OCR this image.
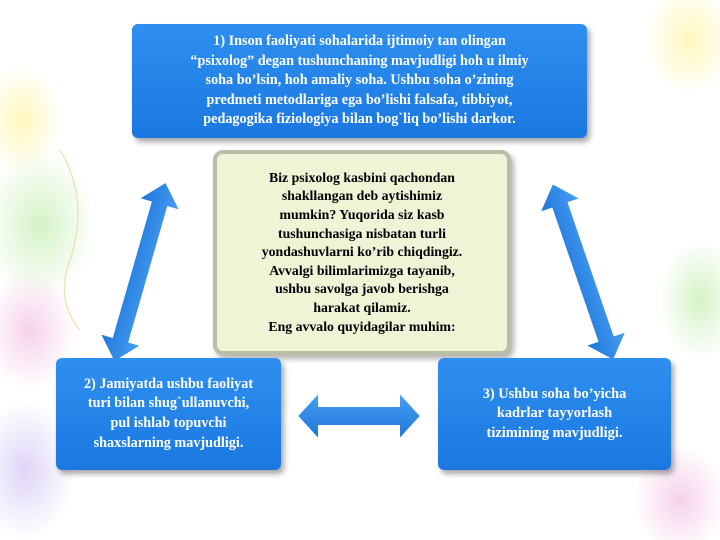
1) Inson faoliyati sohalarida ijtimoiy tan olingan
“psixolog” degan tushunchaning mavjudligi hoh u ilmiy
soha bo’lsin, hoh amaliy soha. Ushbu soha o’zining
predmeti metodlariga ega bo’lishi falsafa, tibbiyot,
pedagogika fiziologiya bilan bog`liq bo’lishi darkor.
Biz psixolog kasbini qachondan
shakllangan deb aytishimiz
mumkin? Yuqorida siz kasb
tushunchasiga nisbatan turli
yondashuvlarni ko’rib chiqdingiz.
Avvalgi bilimlarimizga tayanib,
ushbu savolga javob berishga
harakat qilamiz.
Eng avvalo quyidagilar muhim:
2) Jamiyatda ushbu faoliyat
turi bilan shug`ullanuvchi,
pul ishlab topuvchi
shaxslarning mavjudligi.
3) Ushbu soha bo’yicha
kadrlar tayyorlash
tizimining mavjudligi.
